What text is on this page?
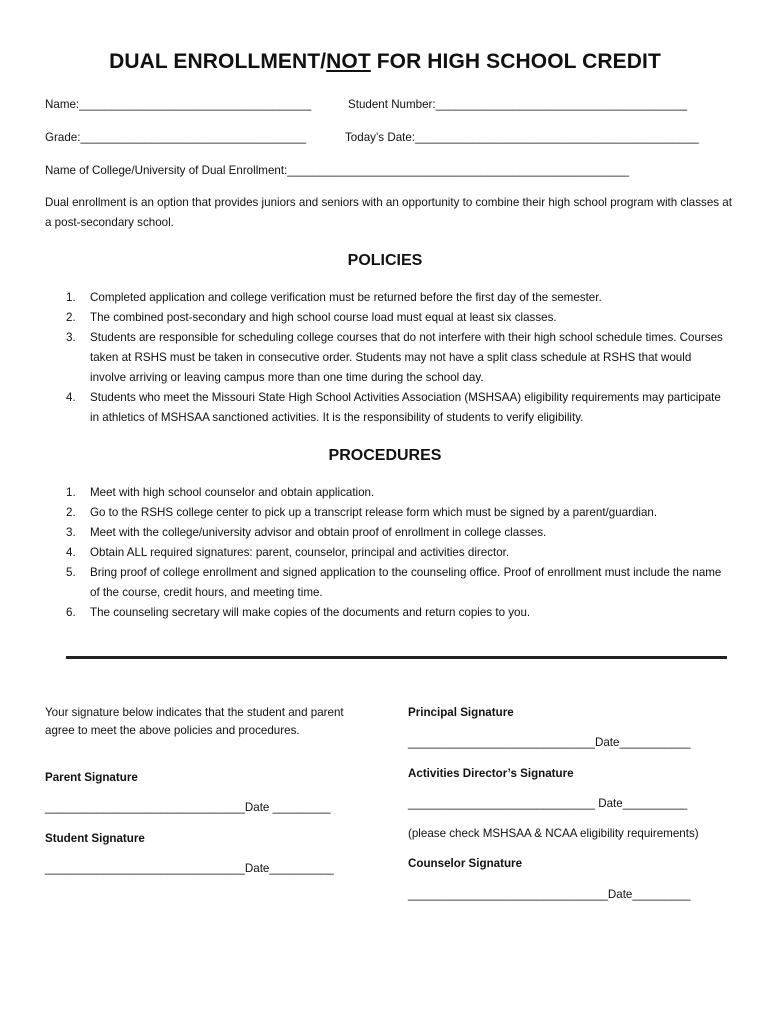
DUAL ENROLLMENT/NOT FOR HIGH SCHOOL CREDIT
Name:____________________________________	Student Number:_______________________________________
Grade:___________________________________	Today’s Date:____________________________________________
Name of College/University of Dual Enrollment:_____________________________________________________
Dual enrollment is an option that provides juniors and seniors with an opportunity to combine their high school program with classes at a post-secondary school.
POLICIES
1. Completed application and college verification must be returned before the first day of the semester.
2. The combined post-secondary and high school course load must equal at least six classes.
3. Students are responsible for scheduling college courses that do not interfere with their high school schedule times. Courses taken at RSHS must be taken in consecutive order. Students may not have a split class schedule at RSHS that would involve arriving or leaving campus more than one time during the school day.
4. Students who meet the Missouri State High School Activities Association (MSHSAA) eligibility requirements may participate in athletics of MSHSAA sanctioned activities. It is the responsibility of students to verify eligibility.
PROCEDURES
1. Meet with high school counselor and obtain application.
2. Go to the RSHS college center to pick up a transcript release form which must be signed by a parent/guardian.
3. Meet with the college/university advisor and obtain proof of enrollment in college classes.
4. Obtain ALL required signatures: parent, counselor, principal and activities director.
5. Bring proof of college enrollment and signed application to the counseling office. Proof of enrollment must include the name of the course, credit hours, and meeting time.
6. The counseling secretary will make copies of the documents and return copies to you.
Your signature below indicates that the student and parent agree to meet the above policies and procedures.
Parent Signature
_______________________________Date _________
Student Signature
_______________________________Date__________
Principal Signature
_____________________________Date___________
Activities Director’s Signature
_____________________________ Date__________
(please check MSHSAA & NCAA eligibility requirements)
Counselor Signature
_______________________________Date_________
